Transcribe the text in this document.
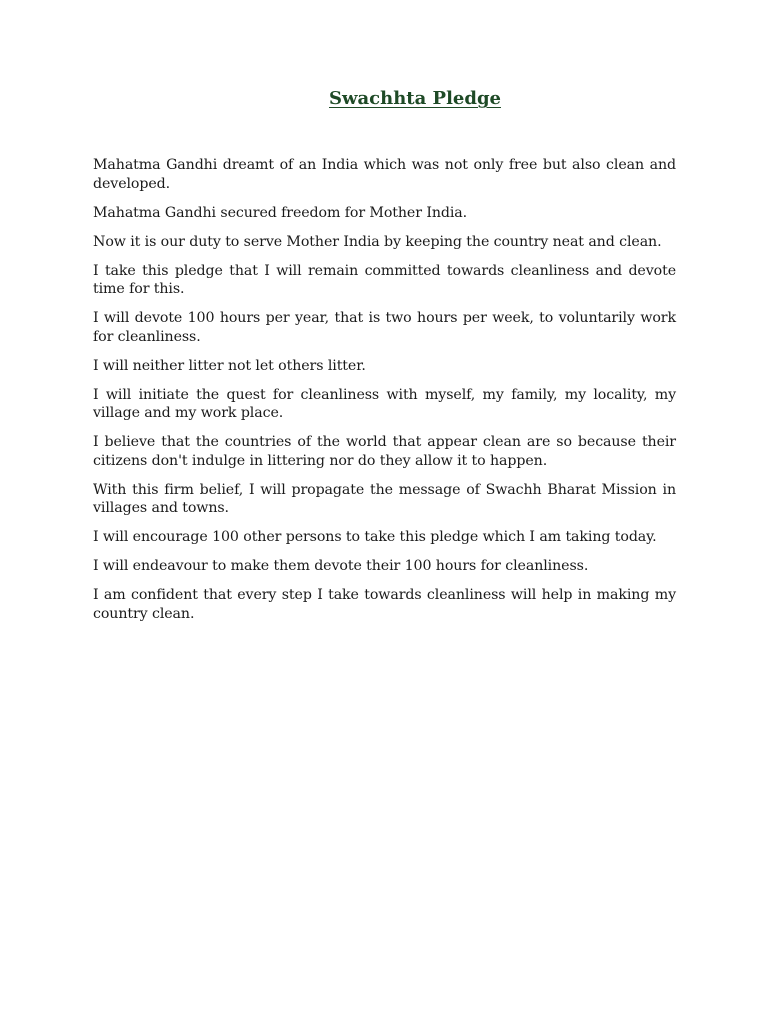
Swachhta Pledge

Mahatma Gandhi dreamt of an India which was not only free but also clean and developed.

Mahatma Gandhi secured freedom for Mother India.

Now it is our duty to serve Mother India by keeping the country neat and clean.

I take this pledge that I will remain committed towards cleanliness and devote time for this.

I will devote 100 hours per year, that is two hours per week, to voluntarily work for cleanliness.

I will neither litter not let others litter.

I will initiate the quest for cleanliness with myself, my family, my locality, my village and my work place.

I believe that the countries of the world that appear clean are so because their citizens don't indulge in littering nor do they allow it to happen.

With this firm belief, I will propagate the message of Swachh Bharat Mission in villages and towns.

I will encourage 100 other persons to take this pledge which I am taking today.

I will endeavour to make them devote their 100 hours for cleanliness.

I am confident that every step I take towards cleanliness will help in making my country clean.
